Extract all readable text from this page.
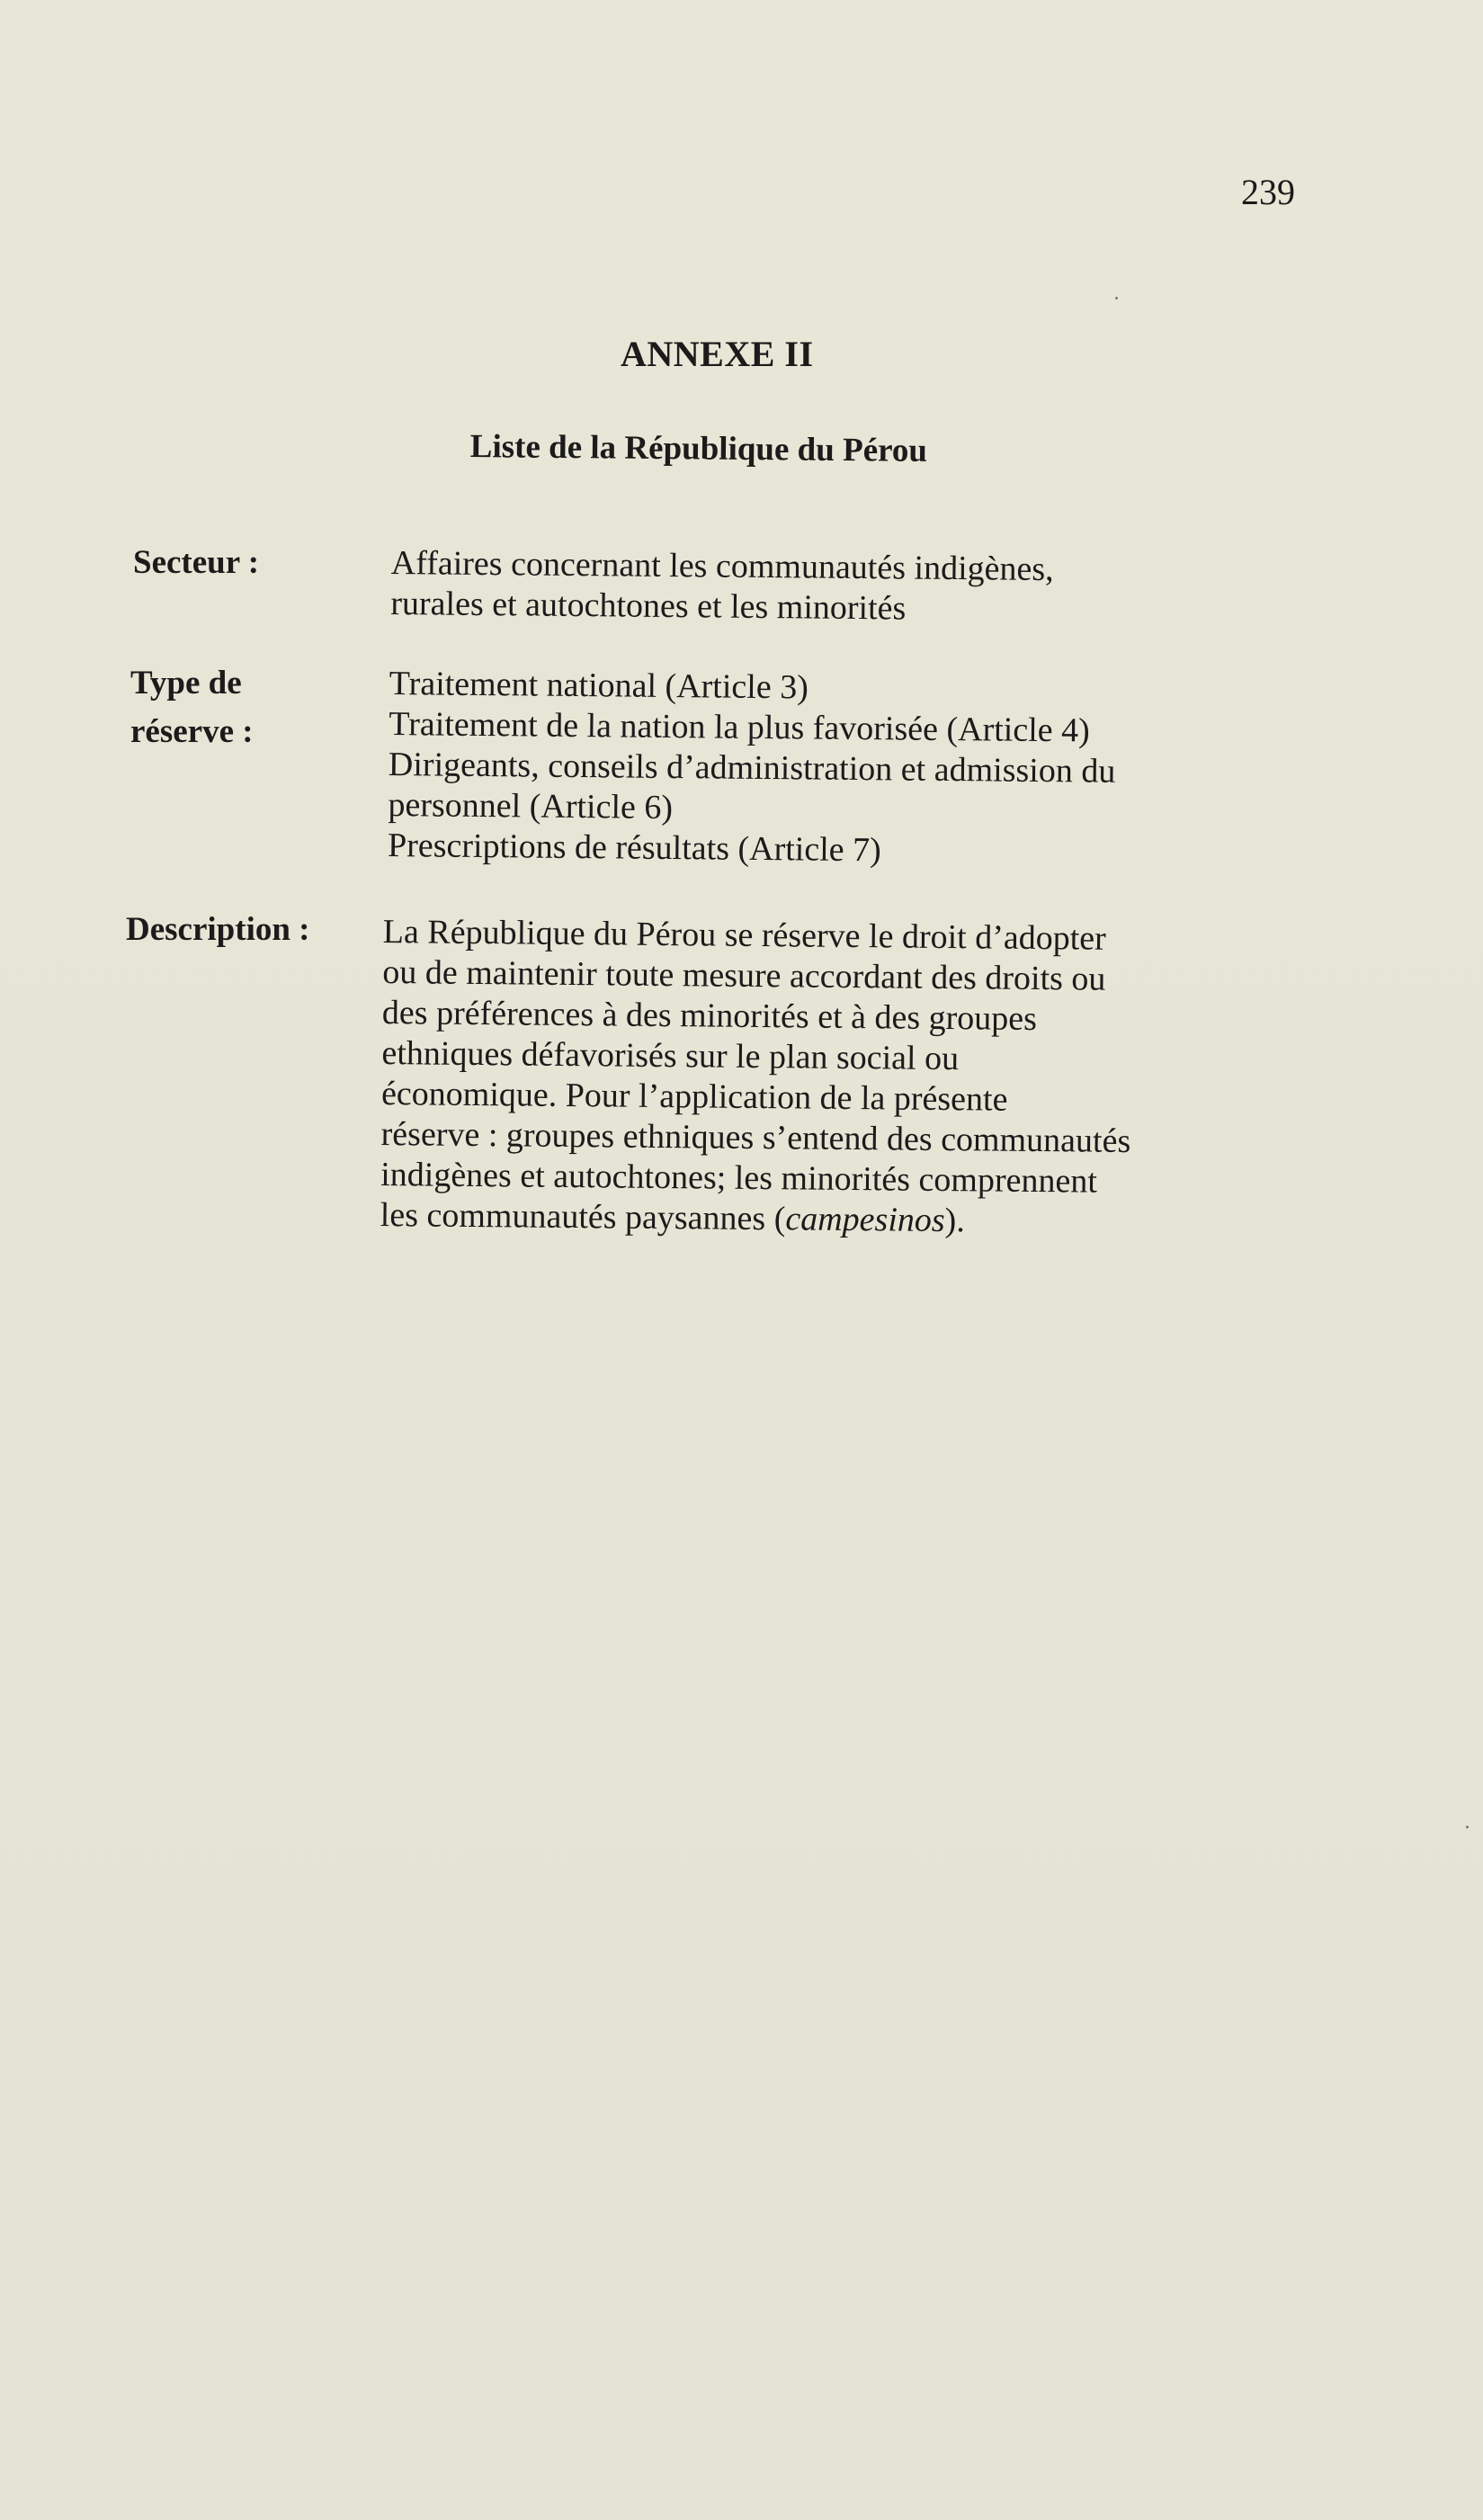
239
ANNEXE II
Liste de la République du Pérou
Secteur :	Affaires concernant les communautés indigènes,
rurales et autochtones et les minorités
Type de
réserve :
Traitement national (Article 3)
Traitement de la nation la plus favorisée (Article 4)
Dirigeants, conseils d’administration et admission du
personnel (Article 6)
Prescriptions de résultats (Article 7)
Description : La République du Pérou se réserve le droit d’adopter
ou de maintenir toute mesure accordant des droits ou
des préférences à des minorités et à des groupes
ethniques défavorisés sur le plan social ou
économique. Pour l’application de la présente
réserve : groupes ethniques s’entend des communautés
indigènes et autochtones; les minorités comprennent
les communautés paysannes (campesinos).
